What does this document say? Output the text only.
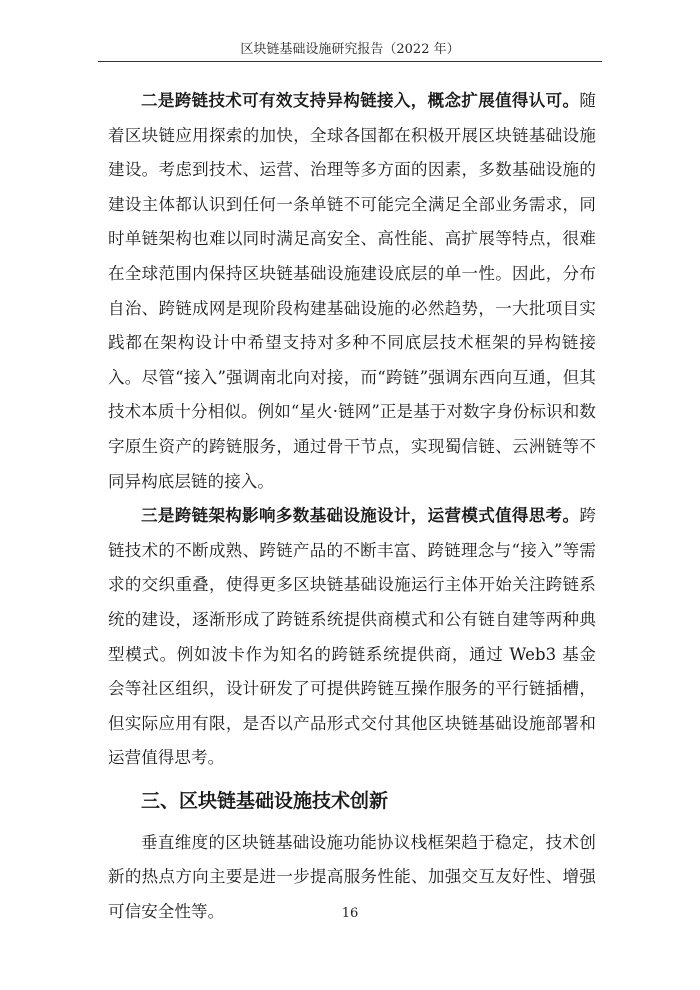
区块链基础设施研究报告（2022 年）

二是跨链技术可有效支持异构链接入，概念扩展值得认可。随着区块链应用探索的加快，全球各国都在积极开展区块链基础设施建设。考虑到技术、运营、治理等多方面的因素，多数基础设施的建设主体都认识到任何一条单链不可能完全满足全部业务需求，同时单链架构也难以同时满足高安全、高性能、高扩展等特点，很难在全球范围内保持区块链基础设施建设底层的单一性。因此，分布自治、跨链成网是现阶段构建基础设施的必然趋势，一大批项目实践都在架构设计中希望支持对多种不同底层技术框架的异构链接入。尽管“接入”强调南北向对接，而“跨链”强调东西向互通，但其技术本质十分相似。例如“星火·链网”正是基于对数字身份标识和数字原生资产的跨链服务，通过骨干节点，实现蜀信链、云洲链等不同异构底层链的接入。

三是跨链架构影响多数基础设施设计，运营模式值得思考。跨链技术的不断成熟、跨链产品的不断丰富、跨链理念与“接入”等需求的交织重叠，使得更多区块链基础设施运行主体开始关注跨链系统的建设，逐渐形成了跨链系统提供商模式和公有链自建等两种典型模式。例如波卡作为知名的跨链系统提供商，通过 Web3 基金会等社区组织，设计研发了可提供跨链互操作服务的平行链插槽，但实际应用有限，是否以产品形式交付其他区块链基础设施部署和运营值得思考。

三、区块链基础设施技术创新

垂直维度的区块链基础设施功能协议栈框架趋于稳定，技术创新的热点方向主要是进一步提高服务性能、加强交互友好性、增强可信安全性等。	16
